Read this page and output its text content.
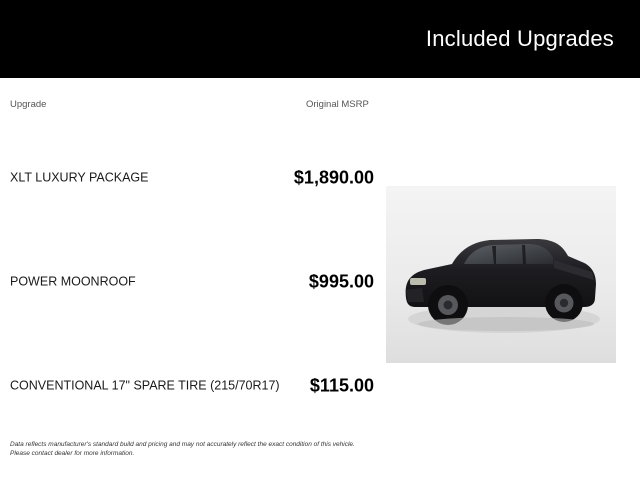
Included Upgrades
Upgrade	Original MSRP
XLT LUXURY PACKAGE	$1,890.00
POWER MOONROOF	$995.00
CONVENTIONAL 17" SPARE TIRE (215/70R17)	$115.00
Data reflects manufacturer's standard build and pricing and may not accurately reflect the exact condition of this vehicle.
Please contact dealer for more information.
